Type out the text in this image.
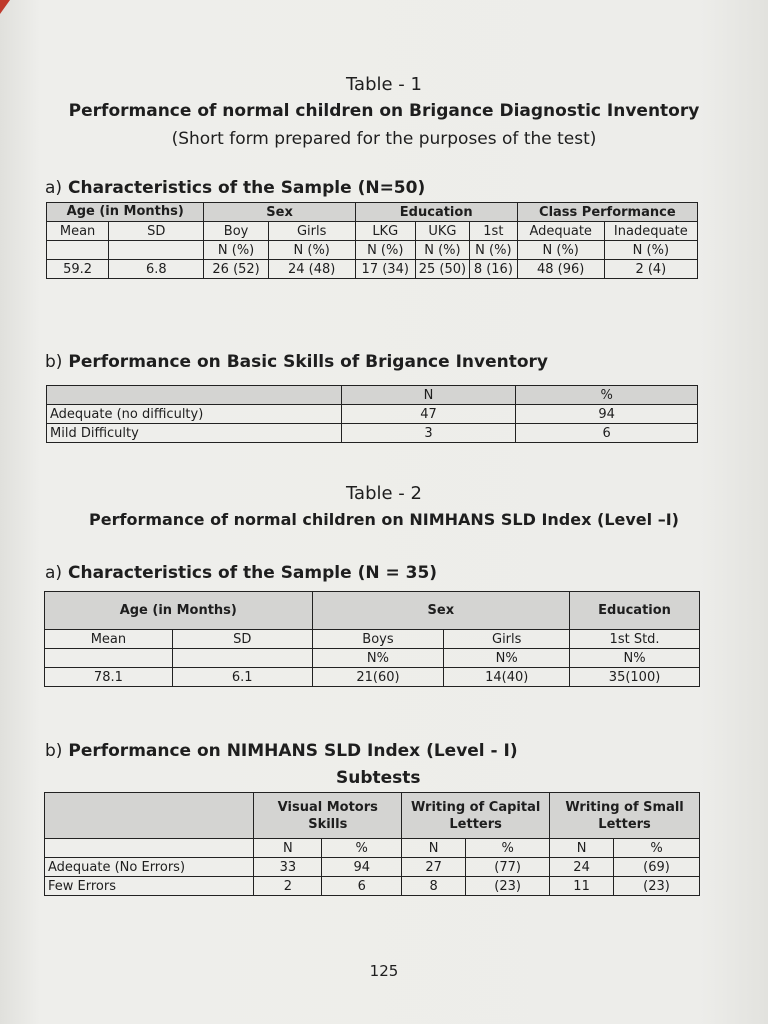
Table - 1
Performance of normal children on Brigance Diagnostic Inventory
(Short form prepared for the purposes of the test)
a) Characteristics of the Sample (N=50)
Age (in Months)		Sex		Education			Class Performance	
Mean	SD	Boy	Girls	LKG	UKG	1st	Adequate	Inadequate
		N (%)	N (%)	N (%)	N (%)	N (%)	N (%)	N (%)
59.2	6.8	26 (52)	24 (48)	17 (34)	25 (50)	8 (16)	48 (96)	2 (4)
b) Performance on Basic Skills of Brigance Inventory
	N	%
Adequate (no difficulty)	47	94
Mild Difficulty	3	6
Table - 2
Performance of normal children on NIMHANS SLD Index (Level –I)
a) Characteristics of the Sample (N = 35)
Age (in Months)		Sex		Education
Mean	SD	Boys	Girls	1st Std.
		N%	N%	N%
78.1	6.1	21(60)	14(40)	35(100)
b) Performance on NIMHANS SLD Index (Level - I)
Subtests

	Visual Motors Skills		Writing of Capital Letters		Writing of Small Letters	

	N	%	N	%	N	%
Adequate (No Errors)	33	94	27	(77)	24	(69)
Few Errors	2	6	8	(23)	11	(23)
125
